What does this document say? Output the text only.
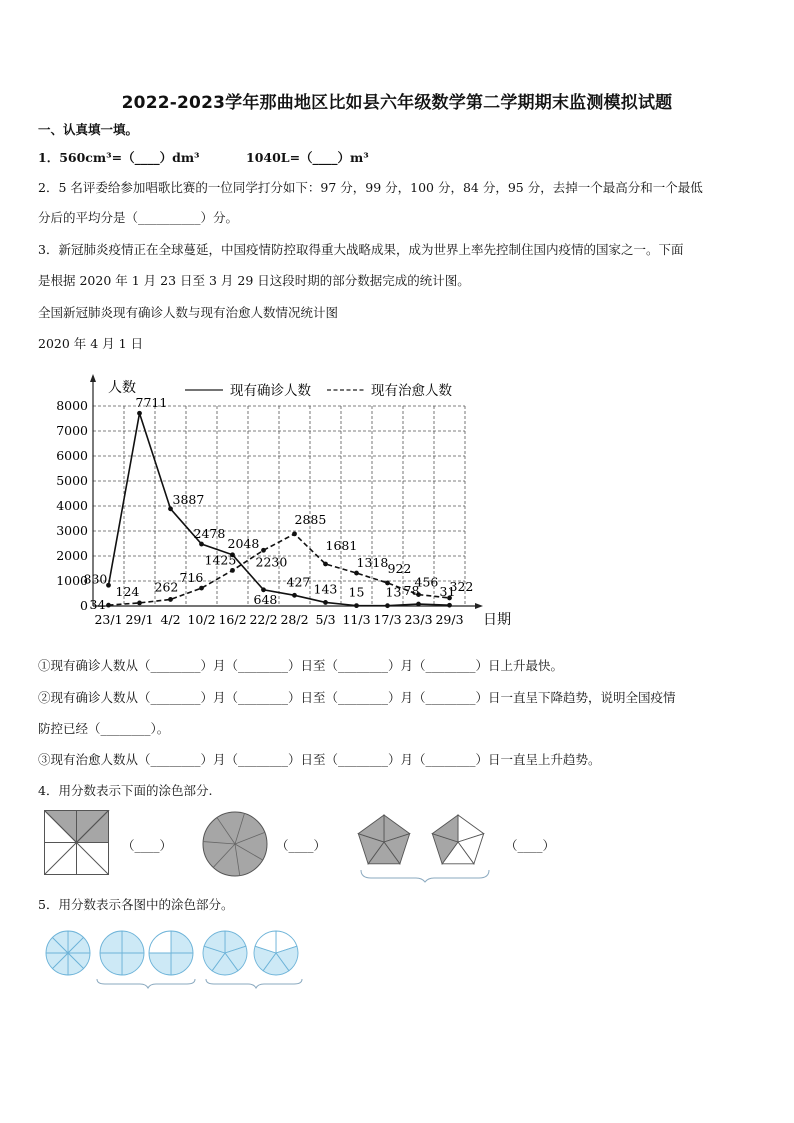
2022-2023学年那曲地区比如县六年级数学第二学期期末监测模拟试题
一、认真填一填。
1．560cm³=（____）dm³	1040L=（____）m³
2．5 名评委给参加唱歌比赛的一位同学打分如下：97 分，99 分，100 分，84 分，95 分，去掉一个最高分和一个最低
分后的平均分是（__________）分。
3．新冠肺炎疫情正在全球蔓延，中国疫情防控取得重大战略成果，成为世界上率先控制住国内疫情的国家之一。下面
是根据 2020 年 1 月 23 日至 3 月 29 日这段时期的部分数据完成的统计图。
全国新冠肺炎现有确诊人数与现有治愈人数情况统计图
2020 年 4 月 1 日
0
1000
2000
3000
4000
5000
6000
7000
8000
23/1 29/1 4/2 10/2 16/2 22/2 28/2 5/3 11/3 17/3 23/3 29/3
830
7711
3887
2478
2048
648
427 143 15 13 78 31
34
124 262
716
1425 2230
2885
1681
1318 922
456 322
人数
日期
现有确诊人数	现有治愈人数
①现有确诊人数从（________）月（________）日至（________）月（________）日上升最快。
②现有确诊人数从（________）月（________）日至（________）月（________）日一直呈下降趋势，说明全国疫情
防控已经（________）。
③现有治愈人数从（________）月（________）日至（________）月（________）日一直呈上升趋势。
4．用分数表示下面的涂色部分.
（____）	（____）	（____）
5．用分数表示各图中的涂色部分。
